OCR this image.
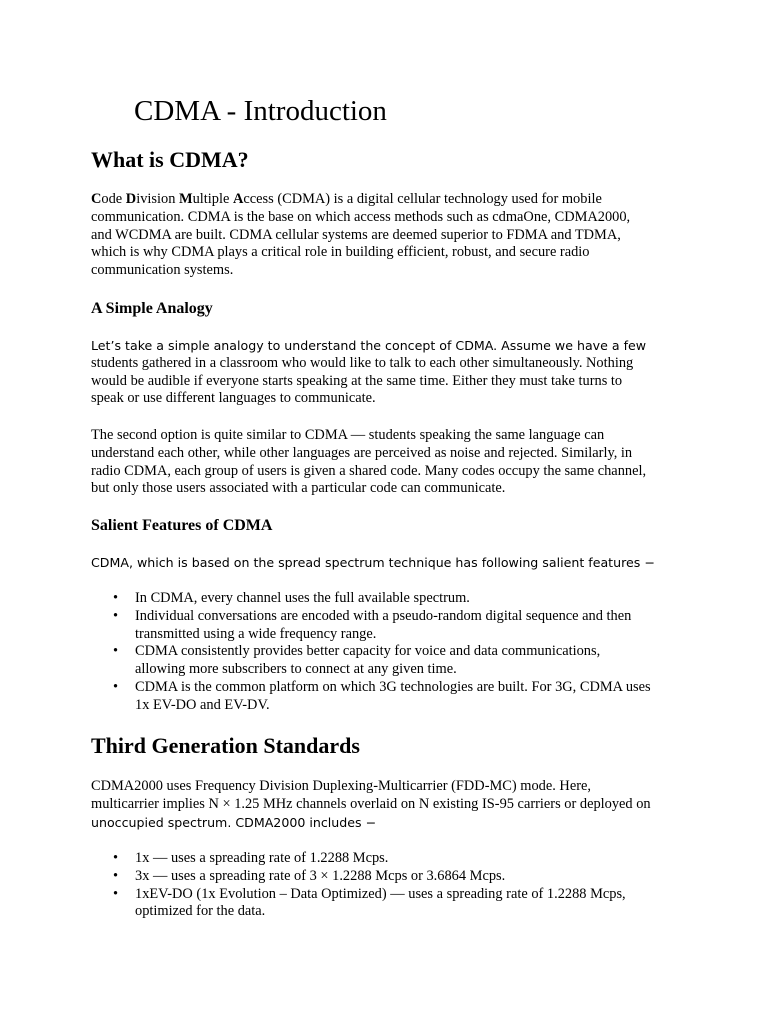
CDMA - Introduction
What is CDMA?

Code Division Multiple Access (CDMA) is a digital cellular technology used for mobile
communication. CDMA is the base on which access methods such as cdmaOne, CDMA2000,
and WCDMA are built. CDMA cellular systems are deemed superior to FDMA and TDMA,
which is why CDMA plays a critical role in building efficient, robust, and secure radio
communication systems.

A Simple Analogy

Let’s take a simple analogy to understand the concept of CDMA. Assume we have a few
students gathered in a classroom who would like to talk to each other simultaneously. Nothing
would be audible if everyone starts speaking at the same time. Either they must take turns to
speak or use different languages to communicate.

The second option is quite similar to CDMA — students speaking the same language can
understand each other, while other languages are perceived as noise and rejected. Similarly, in
radio CDMA, each group of users is given a shared code. Many codes occupy the same channel,
but only those users associated with a particular code can communicate.

Salient Features of CDMA

CDMA, which is based on the spread spectrum technique has following salient features −

• In CDMA, every channel uses the full available spectrum.
• Individual conversations are encoded with a pseudo-random digital sequence and then
transmitted using a wide frequency range.
• CDMA consistently provides better capacity for voice and data communications,
allowing more subscribers to connect at any given time.
• CDMA is the common platform on which 3G technologies are built. For 3G, CDMA uses
1x EV-DO and EV-DV.
Third Generation Standards

CDMA2000 uses Frequency Division Duplexing-Multicarrier (FDD-MC) mode. Here,
multicarrier implies N × 1.25 MHz channels overlaid on N existing IS-95 carriers or deployed on
unoccupied spectrum. CDMA2000 includes −

• 1x — uses a spreading rate of 1.2288 Mcps.
• 3x — uses a spreading rate of 3 × 1.2288 Mcps or 3.6864 Mcps.
• 1xEV-DO (1x Evolution – Data Optimized) — uses a spreading rate of 1.2288 Mcps,
optimized for the data.
